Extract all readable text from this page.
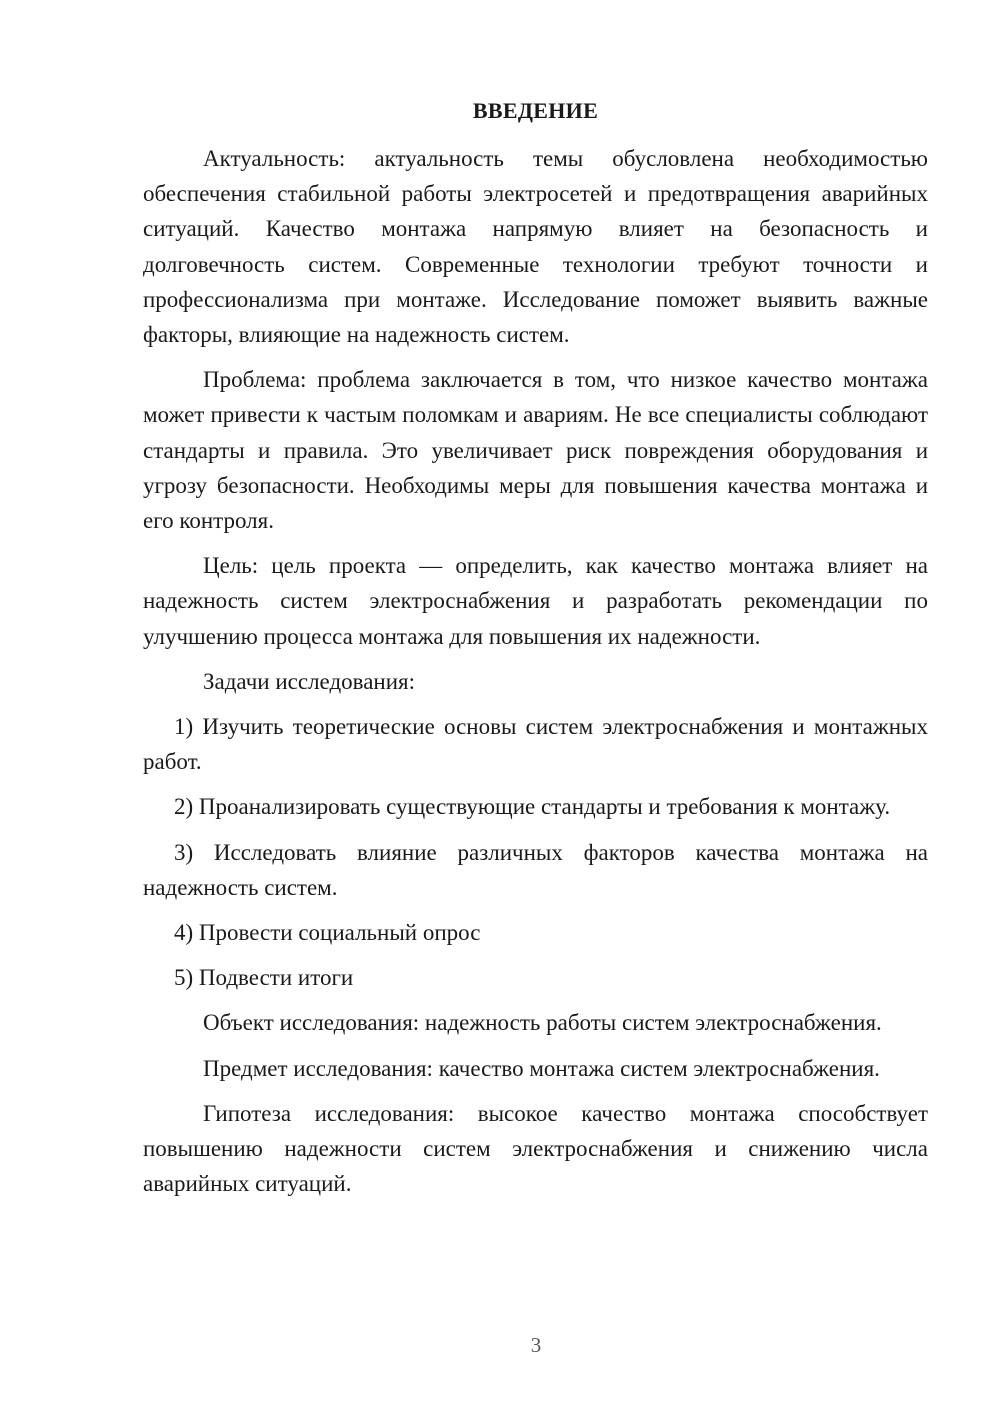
ВВЕДЕНИЕ

Актуальность: актуальность темы обусловлена необходимостью обеспечения стабильной работы электросетей и предотвращения аварийных ситуаций. Качество монтажа напрямую влияет на безопасность и долговечность систем. Современные технологии требуют точности и профессионализма при монтаже. Исследование поможет выявить важные факторы, влияющие на надежность систем.

Проблема: проблема заключается в том, что низкое качество монтажа может привести к частым поломкам и авариям. Не все специалисты соблюдают стандарты и правила. Это увеличивает риск повреждения оборудования и угрозу безопасности. Необходимы меры для повышения качества монтажа и его контроля.

Цель: цель проекта — определить, как качество монтажа влияет на надежность систем электроснабжения и разработать рекомендации по улучшению процесса монтажа для повышения их надежности.

Задачи исследования:

1) Изучить теоретические основы систем электроснабжения и монтажных работ.

2) Проанализировать существующие стандарты и требования к монтажу.

3) Исследовать влияние различных факторов качества монтажа на надежность систем.

4) Провести социальный опрос

5) Подвести итоги

Объект исследования: надежность работы систем электроснабжения.

Предмет исследования: качество монтажа систем электроснабжения.

Гипотеза исследования: высокое качество монтажа способствует повышению надежности систем электроснабжения и снижению числа аварийных ситуаций.

3
